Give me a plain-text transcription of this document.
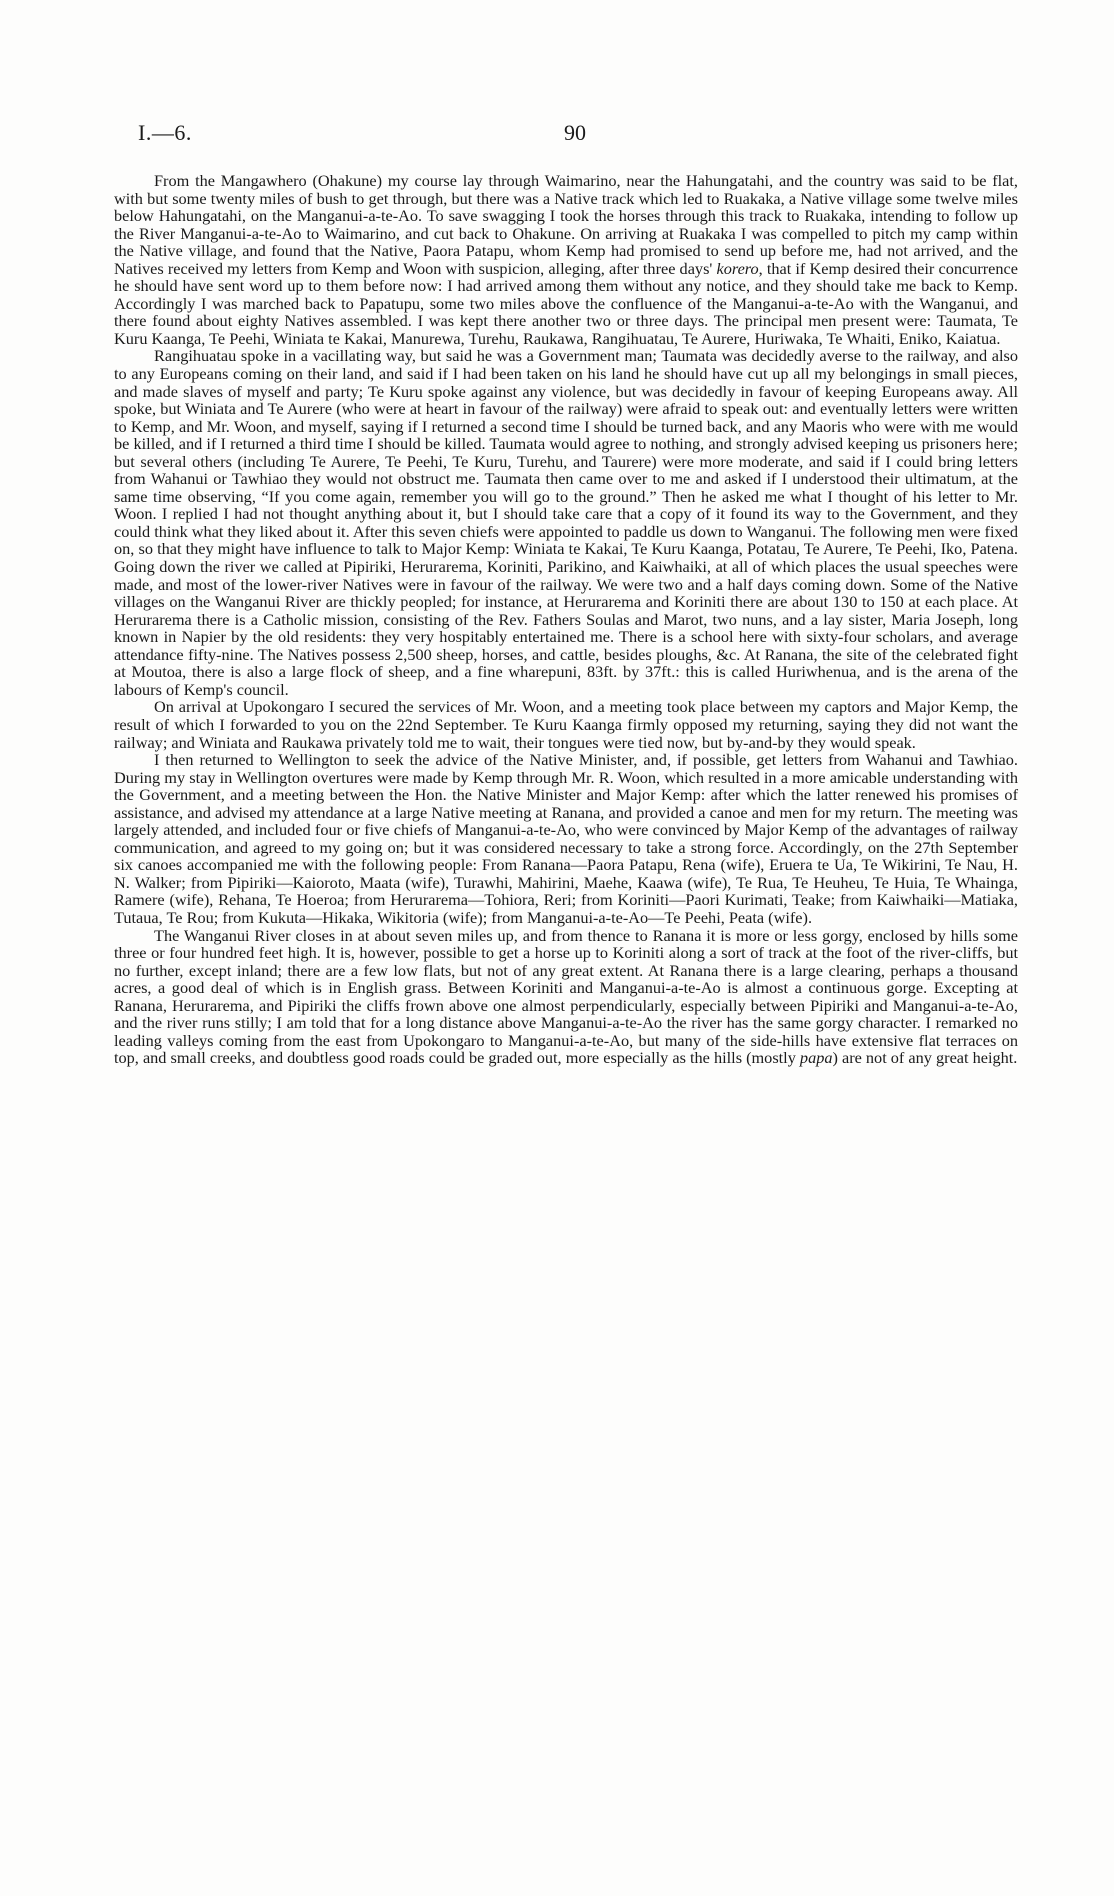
I.—6.	90

From the Mangawhero (Ohakune) my course lay through Waimarino, near the Hahungatahi, and the country was said to be flat, with but some twenty miles of bush to get through, but there was a Native track which led to Ruakaka, a Native village some twelve miles below Hahungatahi, on the Manganui-a-te-Ao. To save swagging I took the horses through this track to Ruakaka, intending to follow up the River Manganui-a-te-Ao to Waimarino, and cut back to Ohakune. On arriving at Ruakaka I was compelled to pitch my camp within the Native village, and found that the Native, Paora Patapu, whom Kemp had promised to send up before me, had not arrived, and the Natives received my letters from Kemp and Woon with suspicion, alleging, after three days' korero, that if Kemp desired their concurrence he should have sent word up to them before now: I had arrived among them without any notice, and they should take me back to Kemp. Accordingly I was marched back to Papatupu, some two miles above the confluence of the Manganui-a-te-Ao with the Wanganui, and there found about eighty Natives assembled. I was kept there another two or three days. The principal men present were: Taumata, Te Kuru Kaanga, Te Peehi, Winiata te Kakai, Manurewa, Turehu, Raukawa, Rangihuatau, Te Aurere, Huriwaka, Te Whaiti, Eniko, Kaiatua.

Rangihuatau spoke in a vacillating way, but said he was a Government man; Taumata was decidedly averse to the railway, and also to any Europeans coming on their land, and said if I had been taken on his land he should have cut up all my belongings in small pieces, and made slaves of myself and party; Te Kuru spoke against any violence, but was decidedly in favour of keeping Europeans away. All spoke, but Winiata and Te Aurere (who were at heart in favour of the railway) were afraid to speak out: and eventually letters were written to Kemp, and Mr. Woon, and myself, saying if I returned a second time I should be turned back, and any Maoris who were with me would be killed, and if I returned a third time I should be killed. Taumata would agree to nothing, and strongly advised keeping us prisoners here; but several others (including Te Aurere, Te Peehi, Te Kuru, Turehu, and Taurere) were more moderate, and said if I could bring letters from Wahanui or Tawhiao they would not obstruct me. Taumata then came over to me and asked if I understood their ultimatum, at the same time observing, “If you come again, remember you will go to the ground.” Then he asked me what I thought of his letter to Mr. Woon. I replied I had not thought anything about it, but I should take care that a copy of it found its way to the Government, and they could think what they liked about it. After this seven chiefs were appointed to paddle us down to Wanganui. The following men were fixed on, so that they might have influence to talk to Major Kemp: Winiata te Kakai, Te Kuru Kaanga, Potatau, Te Aurere, Te Peehi, Iko, Patena. Going down the river we called at Pipiriki, Herurarema, Koriniti, Parikino, and Kaiwhaiki, at all of which places the usual speeches were made, and most of the lower-river Natives were in favour of the railway. We were two and a half days coming down. Some of the Native villages on the Wanganui River are thickly peopled; for instance, at Herurarema and Koriniti there are about 130 to 150 at each place. At Herurarema there is a Catholic mission, consisting of the Rev. Fathers Soulas and Marot, two nuns, and a lay sister, Maria Joseph, long known in Napier by the old residents: they very hospitably entertained me. There is a school here with sixty-four scholars, and average attendance fifty-nine. The Natives possess 2,500 sheep, horses, and cattle, besides ploughs, &c. At Ranana, the site of the celebrated fight at Moutoa, there is also a large flock of sheep, and a fine wharepuni, 83ft. by 37ft.: this is called Huriwhenua, and is the arena of the labours of Kemp's council.

On arrival at Upokongaro I secured the services of Mr. Woon, and a meeting took place between my captors and Major Kemp, the result of which I forwarded to you on the 22nd September. Te Kuru Kaanga firmly opposed my returning, saying they did not want the railway; and Winiata and Raukawa privately told me to wait, their tongues were tied now, but by-and-by they would speak.

I then returned to Wellington to seek the advice of the Native Minister, and, if possible, get letters from Wahanui and Tawhiao. During my stay in Wellington overtures were made by Kemp through Mr. R. Woon, which resulted in a more amicable understanding with the Government, and a meeting between the Hon. the Native Minister and Major Kemp: after which the latter renewed his promises of assistance, and advised my attendance at a large Native meeting at Ranana, and provided a canoe and men for my return. The meeting was largely attended, and included four or five chiefs of Manganui-a-te-Ao, who were convinced by Major Kemp of the advantages of railway communication, and agreed to my going on; but it was considered necessary to take a strong force. Accordingly, on the 27th September six canoes accompanied me with the following people: From Ranana—Paora Patapu, Rena (wife), Eruera te Ua, Te Wikirini, Te Nau, H. N. Walker; from Pipiriki—Kaioroto, Maata (wife), Turawhi, Mahirini, Maehe, Kaawa (wife), Te Rua, Te Heuheu, Te Huia, Te Whainga, Ramere (wife), Rehana, Te Hoeroa; from Herurarema—Tohiora, Reri; from Koriniti—Paori Kurimati, Teake; from Kaiwhaiki—Matiaka, Tutaua, Te Rou; from Kukuta—Hikaka, Wikitoria (wife); from Manganui-a-te-Ao—Te Peehi, Peata (wife).

The Wanganui River closes in at about seven miles up, and from thence to Ranana it is more or less gorgy, enclosed by hills some three or four hundred feet high. It is, however, possible to get a horse up to Koriniti along a sort of track at the foot of the river-cliffs, but no further, except inland; there are a few low flats, but not of any great extent. At Ranana there is a large clearing, perhaps a thousand acres, a good deal of which is in English grass. Between Koriniti and Manganui-a-te-Ao is almost a continuous gorge. Excepting at Ranana, Herurarema, and Pipiriki the cliffs frown above one almost perpendicularly, especially between Pipiriki and Manganui-a-te-Ao, and the river runs stilly; I am told that for a long distance above Manganui-a-te-Ao the river has the same gorgy character. I remarked no leading valleys coming from the east from Upokongaro to Manganui-a-te-Ao, but many of the side-hills have extensive flat terraces on top, and small creeks, and doubtless good roads could be graded out, more especially as the hills (mostly papa) are not of any great height.
